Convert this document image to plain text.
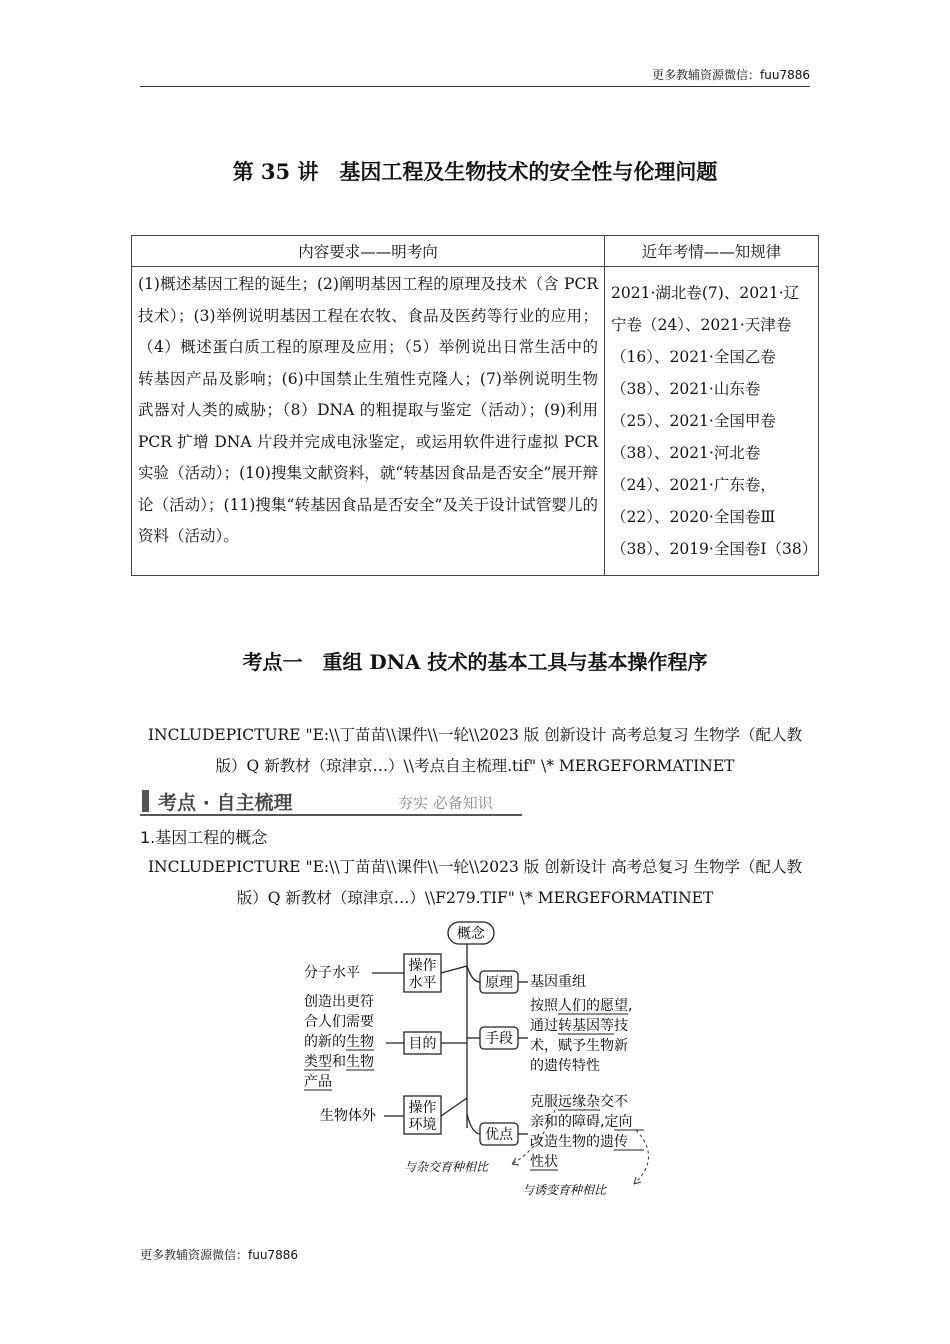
更多教辅资源微信：fuu7886
第 35 讲　基因工程及生物技术的安全性与伦理问题
内容要求——明考向	近年考情——知规律
(1)概述基因工程的诞生；(2)阐明基因工程的原理及技术（含 PCR 技术）；(3)举例说明基因工程在农牧、食品及医药等行业的应用；（4）概述蛋白质工程的原理及应用；（5）举例说出日常生活中的转基因产品及影响；(6)中国禁止生殖性克隆人；(7)举例说明生物武器对人类的威胁；（8）DNA 的粗提取与鉴定（活动）；(9)利用 PCR 扩增 DNA 片段并完成电泳鉴定，或运用软件进行虚拟 PCR 实验（活动）；(10)搜集文献资料，就“转基因食品是否安全”展开辩论（活动）；(11)搜集“转基因食品是否安全”及关于设计试管婴儿的资料（活动）。	2021·湖北卷(7)、2021·辽宁卷（24）、2021·天津卷（16）、2021·全国乙卷（38）、2021·山东卷（25）、2021·全国甲卷（38）、2021·河北卷（24）、2021·广东卷，（22）、2020·全国卷Ⅲ（38）、2019·全国卷Ⅰ（38）
考点一　重组 DNA 技术的基本工具与基本操作程序
INCLUDEPICTURE "E:\\丁苗苗\\课件\\一轮\\2023 版 创新设计 高考总复习 生物学（配人教版）Q 新教材（琼津京…）\\考点自主梳理.tif" \* MERGEFORMATINET
考点 · 自主梳理	夯实 必备知识
1.基因工程的概念
INCLUDEPICTURE "E:\\丁苗苗\\课件\\一轮\\2023 版 创新设计 高考总复习 生物学（配人教版）Q 新教材（琼津京…）\\F279.TIF" \* MERGEFORMATINET
概念
操作
水平
目的
操作
环境
分子水平
创造出更符
合人们需要
的新的生物
类型和生物
产品
生物体外
原理
手段
优点
基因重组
按照人们的愿望,
通过转基因等技
术，赋予生物新
的遗传特性
克服远缘杂交不
亲和的障碍,定向
改造生物的遗传
性状
与杂交育种相比
与诱变育种相比
更多教辅资源微信：fuu7886
